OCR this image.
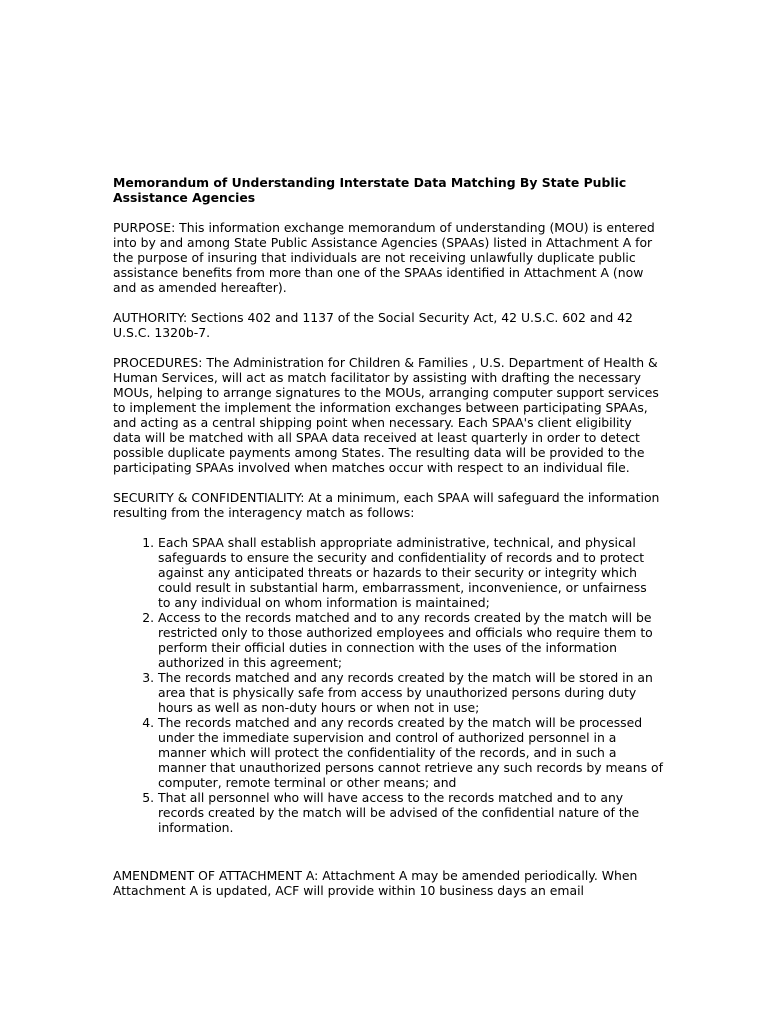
Memorandum of Understanding Interstate Data Matching By State Public Assistance Agencies
PURPOSE: This information exchange memorandum of understanding (MOU) is entered into by and among State Public Assistance Agencies (SPAAs) listed in Attachment A for the purpose of insuring that individuals are not receiving unlawfully duplicate public assistance benefits from more than one of the SPAAs identified in Attachment A (now and as amended hereafter).
AUTHORITY: Sections 402 and 1137 of the Social Security Act, 42 U.S.C. 602 and 42 U.S.C. 1320b-7.
PROCEDURES: The Administration for Children & Families , U.S. Department of Health & Human Services, will act as match facilitator by assisting with drafting the necessary MOUs, helping to arrange signatures to the MOUs, arranging computer support services to implement the implement the information exchanges between participating SPAAs, and acting as a central shipping point when necessary. Each SPAA's client eligibility data will be matched with all SPAA data received at least quarterly in order to detect possible duplicate payments among States. The resulting data will be provided to the participating SPAAs involved when matches occur with respect to an individual file.
SECURITY & CONFIDENTIALITY: At a minimum, each SPAA will safeguard the information resulting from the interagency match as follows:
1. Each SPAA shall establish appropriate administrative, technical, and physical safeguards to ensure the security and confidentiality of records and to protect against any anticipated threats or hazards to their security or integrity which could result in substantial harm, embarrassment, inconvenience, or unfairness to any individual on whom information is maintained;
2. Access to the records matched and to any records created by the match will be restricted only to those authorized employees and officials who require them to perform their official duties in connection with the uses of the information authorized in this agreement;
3. The records matched and any records created by the match will be stored in an area that is physically safe from access by unauthorized persons during duty hours as well as non-duty hours or when not in use;
4. The records matched and any records created by the match will be processed under the immediate supervision and control of authorized personnel in a manner which will protect the confidentiality of the records, and in such a manner that unauthorized persons cannot retrieve any such records by means of computer, remote terminal or other means; and
5. That all personnel who will have access to the records matched and to any records created by the match will be advised of the confidential nature of the information.
AMENDMENT OF ATTACHMENT A: Attachment A may be amended periodically. When Attachment A is updated, ACF will provide within 10 business days an email
